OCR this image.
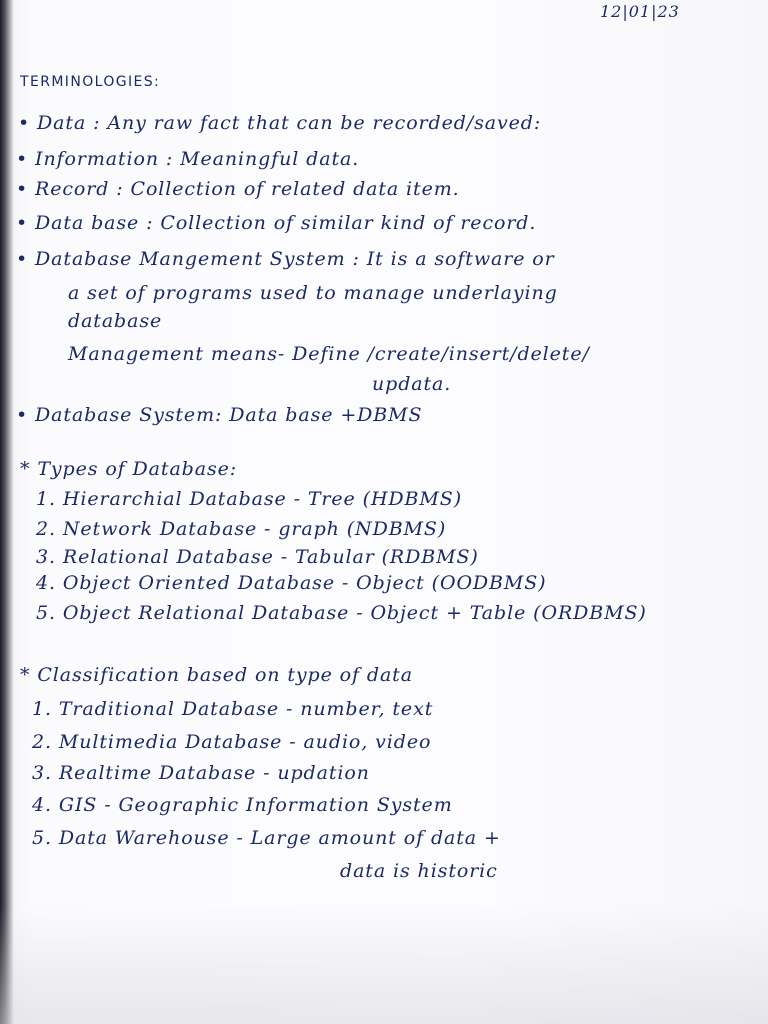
12|01|23
TERMINOLOGIES:
• Data : Any raw fact that can be recorded/saved:
• Information : Meaningful data.
• Record : Collection of related data item.
• Data base : Collection of similar kind of record.
• Database Mangement System : It is a software or
a set of programs used to manage underlaying
database
Management means- Define /create/insert/delete/
updata.
• Database System: Data base +DBMS
* Types of Database:
1. Hierarchial Database - Tree (HDBMS)
2. Network Database - graph (NDBMS)
3. Relational Database - Tabular (RDBMS)
4. Object Oriented Database - Object (OODBMS)
5. Object Relational Database - Object + Table (ORDBMS)
* Classification based on type of data
1. Traditional Database - number, text
2. Multimedia Database - audio, video
3. Realtime Database - updation
4. GIS - Geographic Information System
5. Data Warehouse - Large amount of data +
data is historic
